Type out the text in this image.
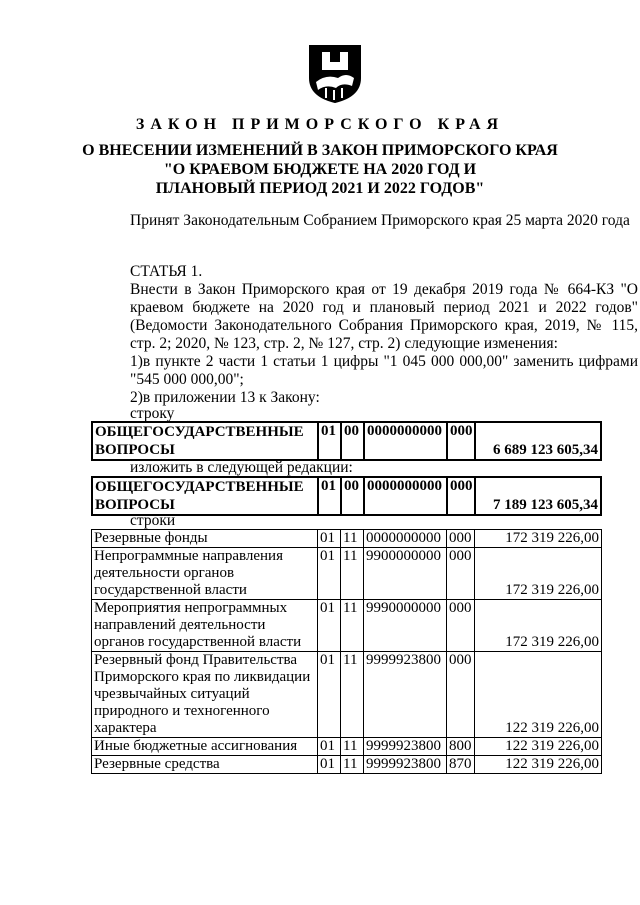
ЗАКОН ПРИМОРСКОГО КРАЯ
О ВНЕСЕНИИ ИЗМЕНЕНИЙ В ЗАКОН ПРИМОРСКОГО КРАЯ
"О КРАЕВОМ БЮДЖЕТЕ НА 2020 ГОД И
ПЛАНОВЫЙ ПЕРИОД 2021 И 2022 ГОДОВ"

Принят Законодательным Собранием Приморского края 25 марта 2020 года

СТАТЬЯ 1.

Внести в Закон Приморского края от 19 декабря 2019 года № 664-КЗ "О краевом бюджете на 2020 год и плановый период 2021 и 2022 годов" (Ведомости Законодательного Собрания Приморского края, 2019, № 115, стр. 2; 2020, № 123, стр. 2, № 127, стр. 2) следующие изменения:

1)в пункте 2 части 1 статьи 1 цифры "1 045 000 000,00" заменить цифрами "545 000 000,00";

2)в приложении 13 к Закону:
строку
ОБЩЕГОСУДАРСТВЕННЫЕ ВОПРОСЫ	01	00	0000000000	000	6 689 123 605,34
изложить в следующей редакции:
ОБЩЕГОСУДАРСТВЕННЫЕ ВОПРОСЫ	01	00	0000000000	000	7 189 123 605,34
строки
Резервные фонды	01	11	0000000000	000	172 319 226,00
Непрограммные направления деятельности органов государственной власти	01	11	9900000000	000	172 319 226,00
Мероприятия непрограммных направлений деятельности органов государственной власти	01	11	9990000000	000	172 319 226,00
Резервный фонд Правительства Приморского края по ликвидации чрезвычайных ситуаций природного и техногенного характера	01	11	9999923800	000	122 319 226,00
Иные бюджетные ассигнования	01	11	9999923800	800	122 319 226,00
Резервные средства	01	11	9999923800	870	122 319 226,00
